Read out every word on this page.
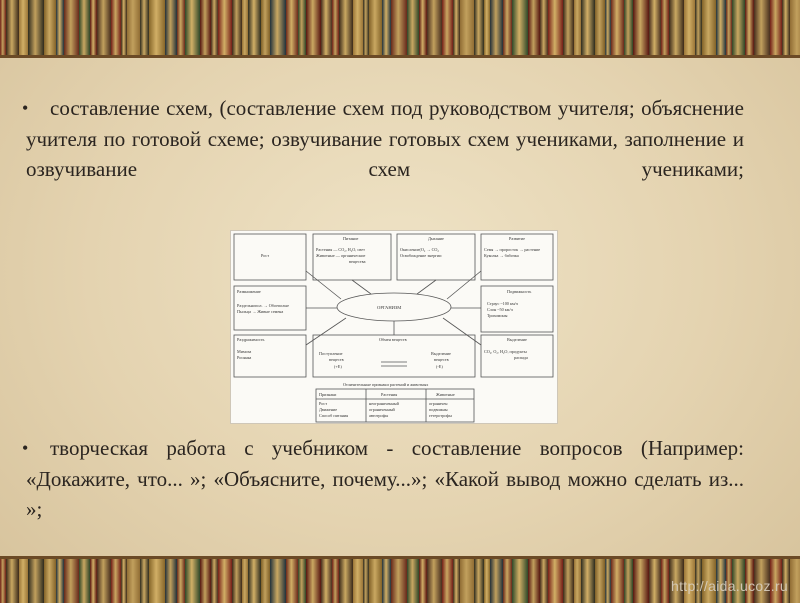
•	составление схем, (составление схем под руководством учителя; объяснение учителя по готовой схеме; озвучивание готовых схем учениками, заполнение и озвучивание схем учениками;

Рост
Питание
Растения — СО₂, Н₂О, свет
Животные — органические
вещества
Дыхание
Окисление(О₂ → СО₂
Освобождение энергии
Развитие
Семя → проросток → растение
Куколка → бабочка
Размножение
Раздельнопол. → Обоеполые
Пыльца → Живые семена
ОРГАНИЗМ
Подвижность
Страус ~100 км/ч
Слон ~50 км/ч
Трихомоны
Раздражимость
Мимоза
Росянка
Обмен веществ
Поступление
веществ
(+Е)
Выделение
веществ
(-Е)
Выделение
СО₂, О₂, Н₂О, продукты
распада
Отличительные признаки растений и животных
Признаки	Растения	Животные
Рост	неограниченный	ограничен
Движение	ограниченный	подвижны
Способ питания	автотрофы	гетеротрофы
•	творческая работа с учебником - составление вопросов (Например: «Докажите, что... »; «Объясните, почему...»; «Какой вывод можно сделать из... »;

http://aida.ucoz.ru
